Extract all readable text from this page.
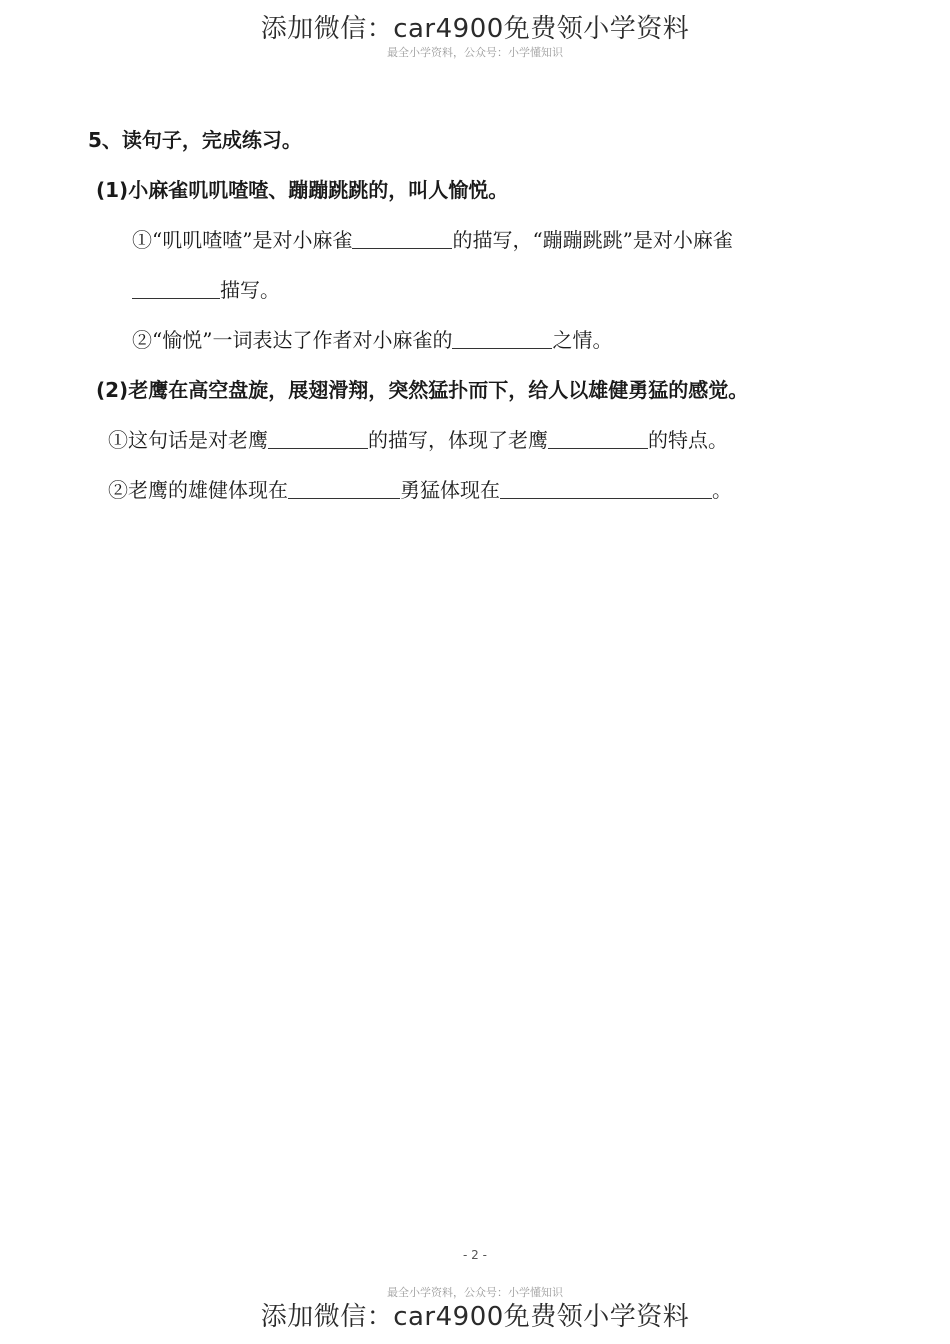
添加微信：car4900免费领小学资料
最全小学资料，公众号：小学懂知识
5、读句子，完成练习。
(1)小麻雀叽叽喳喳、蹦蹦跳跳的，叫人愉悦。
①“叽叽喳喳”是对小麻雀	的描写，“蹦蹦跳跳”是对小麻雀
描写。
②“愉悦”一词表达了作者对小麻雀的	之情。
(2)老鹰在高空盘旋，展翅滑翔，突然猛扑而下，给人以雄健勇猛的感觉。
①这句话是对老鹰	的描写，体现了老鹰	的特点。
②老鹰的雄健体现在	勇猛体现在	。
- 2 -
最全小学资料，公众号：小学懂知识
添加微信：car4900免费领小学资料
